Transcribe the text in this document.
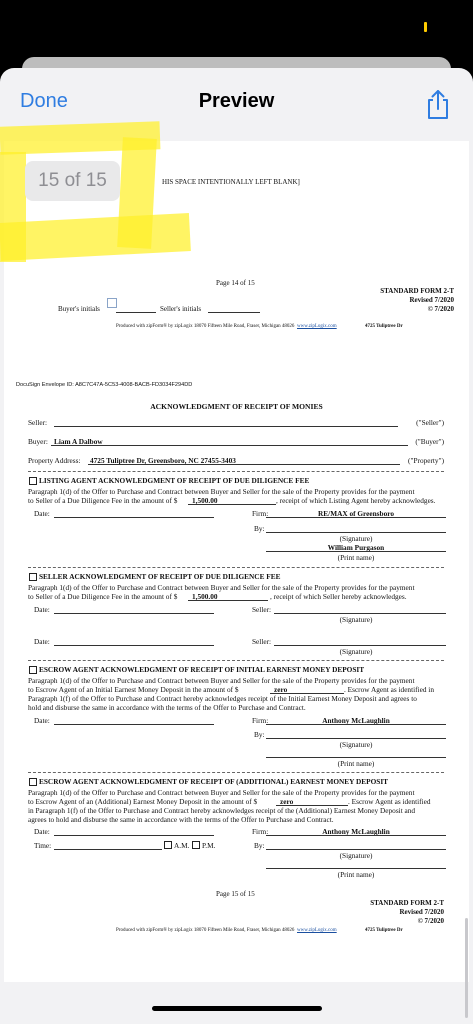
Done	Preview
HIS SPACE INTENTIONALLY LEFT BLANK]
Page 14 of 15
STANDARD FORM 2-T
Revised 7/2020
© 7/2020
Buyer's initials	Seller's initials
Produced with zipForm® by zipLogix 18070 Fifteen Mile Road, Fraser, Michigan 48026 www.zipLogix.com	4725 Tuliptree Dr
DocuSign Envelope ID: A8C7C47A-5C53-4008-BACB-FD3034F294DD
ACKNOWLEDGMENT OF RECEIPT OF MONIES
Seller:	("Seller")
Buyer: Liam A Dalbow	("Buyer")
Property Address: 4725 Tuliptree Dr, Greensboro, NC 27455-3403	("Property")
LISTING AGENT ACKNOWLEDGMENT OF RECEIPT OF DUE DILIGENCE FEE
Paragraph 1(d) of the Offer to Purchase and Contract between Buyer and Seller for the sale of the Property provides for the payment
to Seller of a Due Diligence Fee in the amount of $ 1,500.00	, receipt of which Listing Agent hereby acknowledges.
Date:	Firm:	RE/MAX of Greensboro
By:
(Signature)
William Purgason
(Print name)
SELLER ACKNOWLEDGMENT OF RECEIPT OF DUE DILIGENCE FEE
Paragraph 1(d) of the Offer to Purchase and Contract between Buyer and Seller for the sale of the Property provides for the payment
to Seller of a Due Diligence Fee in the amount of $ 1,500.00	, receipt of which Seller hereby acknowledges.
Date:	Seller:
(Signature)
Date:	Seller:
(Signature)
ESCROW AGENT ACKNOWLEDGMENT OF RECEIPT OF INITIAL EARNEST MONEY DEPOSIT
Paragraph 1(d) of the Offer to Purchase and Contract between Buyer and Seller for the sale of the Property provides for the payment
to Escrow Agent of an Initial Earnest Money Deposit in the amount of $	zero	. Escrow Agent as identified in
Paragraph 1(f) of the Offer to Purchase and Contract hereby acknowledges receipt of the Initial Earnest Money Deposit and agrees to
hold and disburse the same in accordance with the terms of the Offer to Purchase and Contract.
Date:	Firm:	Anthony McLaughlin
By:
(Signature)
(Print name)
ESCROW AGENT ACKNOWLEDGMENT OF RECEIPT OF (ADDITIONAL) EARNEST MONEY DEPOSIT
Paragraph 1(d) of the Offer to Purchase and Contract between Buyer and Seller for the sale of the Property provides for the payment
to Escrow Agent of an (Additional) Earnest Money Deposit in the amount of $	zero	. Escrow Agent as identified
in Paragraph 1(f) of the Offer to Purchase and Contract hereby acknowledges receipt of the (Additional) Earnest Money Deposit and
agrees to hold and disburse the same in accordance with the terms of the Offer to Purchase and Contract.
Date:	Firm:	Anthony McLaughlin
Time:	A.M. P.M.	By:
(Signature)
(Print name)
Page 15 of 15
STANDARD FORM 2-T
Revised 7/2020
© 7/2020
Produced with zipForm® by zipLogix 18070 Fifteen Mile Road, Fraser, Michigan 48026 www.zipLogix.com	4725 Tuliptree Dr
15 of 15
